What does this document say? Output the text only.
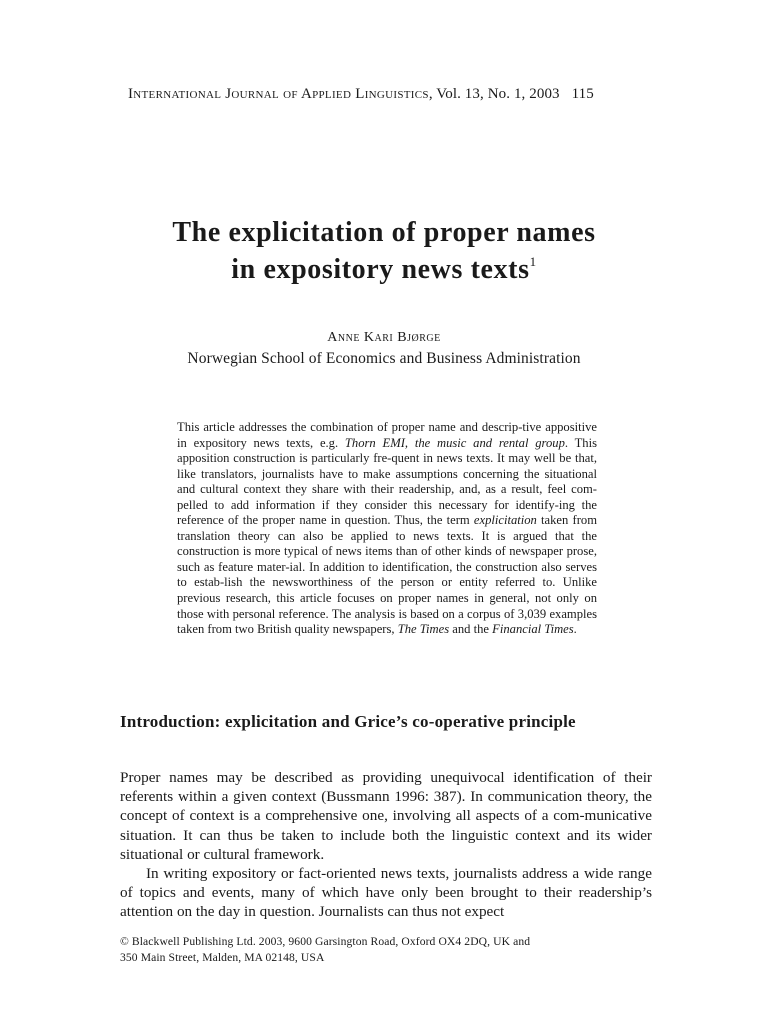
International Journal of Applied Linguistics, Vol. 13, No. 1, 2003 115
The explicitation of proper names
in expository news texts$^1$
Anne Kari Bjørge
Norwegian School of Economics and Business Administration

This article addresses the combination of proper name and descrip-tive appositive in expository news texts, e.g. Thorn EMI, the music and rental group. This apposition construction is particularly fre-quent in news texts. It may well be that, like translators, journalists have to make assumptions concerning the situational and cultural context they share with their readership, and, as a result, feel com-pelled to add information if they consider this necessary for identify-ing the reference of the proper name in question. Thus, the term explicitation taken from translation theory can also be applied to news texts. It is argued that the construction is more typical of news items than of other kinds of newspaper prose, such as feature mater-ial. In addition to identification, the construction also serves to estab-lish the newsworthiness of the person or entity referred to. Unlike previous research, this article focuses on proper names in general, not only on those with personal reference. The analysis is based on a corpus of 3,039 examples taken from two British quality newspapers, The Times and the Financial Times.

Introduction: explicitation and Grice’s co-operative principle

Proper names may be described as providing unequivocal identification of their referents within a given context (Bussmann 1996: 387). In communication theory, the concept of context is a comprehensive one, involving all aspects of a com-municative situation. It can thus be taken to include both the linguistic context and its wider situational or cultural framework.

In writing expository or fact-oriented news texts, journalists address a wide range of topics and events, many of which have only been brought to their readership’s attention on the day in question. Journalists can thus not expect

© Blackwell Publishing Ltd. 2003, 9600 Garsington Road, Oxford OX4 2DQ, UK and
350 Main Street, Malden, MA 02148, USA
